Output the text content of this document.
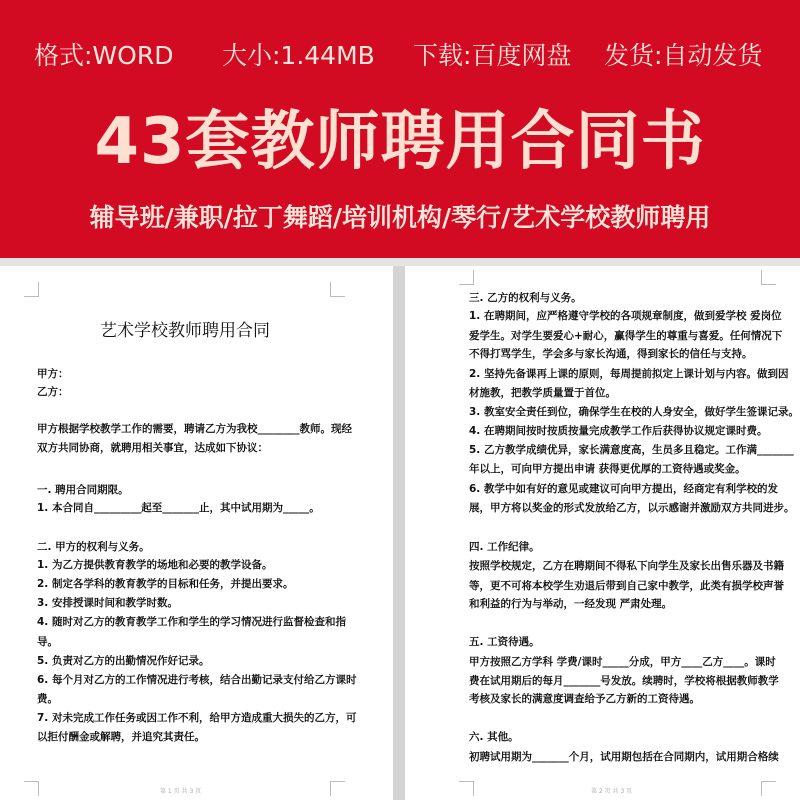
格式:WORD 大小:1.44MB 下载:百度网盘 发货:自动发货
43套教师聘用合同书
辅导班/兼职/拉丁舞蹈/培训机构/琴行/艺术学校教师聘用
艺术学校教师聘用合同
甲方：
乙方：
甲方根据学校教学工作的需要，聘请乙方为我校________教师。现经
双方共同协商，就聘用相关事宜，达成如下协议：
一. 聘用合同期限。
1. 本合同自_________起至_______止，其中试用期为_____。
二. 甲方的权利与义务。
1. 为乙方提供教育教学的场地和必要的教学设备。
2. 制定各学科的教育教学的目标和任务，并提出要求。
3. 安排授课时间和教学时数。
4. 随时对乙方的教育教学工作和学生的学习情况进行监督检查和指
导。
5. 负责对乙方的出勤情况作好记录。
6. 每个月对乙方的工作情况进行考核，结合出勤记录支付给乙方课时
费。
7. 对未完成工作任务或因工作不利，给甲方造成重大损失的乙方，可
以拒付酬金或解聘，并追究其责任。
第 1 页 共 3 页
三. 乙方的权利与义务。
1. 在聘期间，应严格遵守学校的各项规章制度，做到爱学校 爱岗位
爱学生。对学生要爱心+耐心，赢得学生的尊重与喜爱。任何情况下
不得打骂学生，学会多与家长沟通，得到家长的信任与支持。
2. 坚持先备课再上课的原则，每周提前拟定上课计划与内容。做到因
材施教，把教学质量置于首位。
3. 教室安全责任到位，确保学生在校的人身安全，做好学生签课记录。
4. 在聘期间按时按质按量完成教学工作后获得协议规定课时费。
5. 乙方教学成绩优异，家长满意度高，生员多且稳定。工作满_______
年以上，可向甲方提出申请 获得更优厚的工资待遇或奖金。
6. 教学中如有好的意见或建议可向甲方提出，经商定有利学校的发
展，甲方将以奖金的形式发放给乙方，以示感谢并激励双方共同进步。
四. 工作纪律。
按照学校规定，乙方在聘期间不得私下向学生及家长出售乐器及书籍
等，更不可将本校学生劝退后带到自己家中教学，此类有损学校声誉
和利益的行为与举动，一经发现 严肃处理。
五. 工资待遇。
甲方按照乙方学科 学费/课时_____分成，甲方____乙方____。课时
费在试用期后的每月_______号发放。续聘时，学校将根据教师教学
考核及家长的满意度调查给予乙方新的工资待遇。
六. 其他。
初聘试用期为_______个月，试用期包括在合同期内，试用期合格续
第 2 页 共 3 页
